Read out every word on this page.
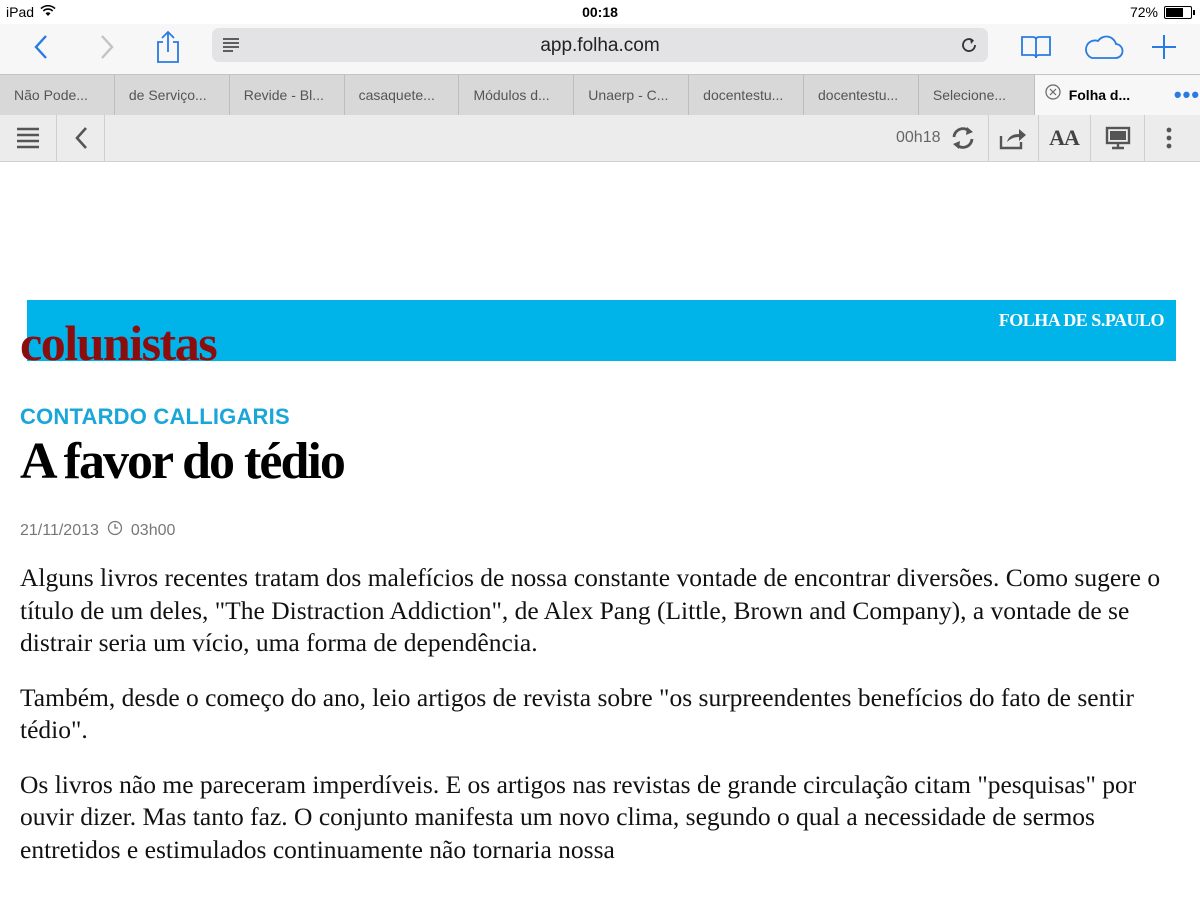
iPad	00:18	72%
app.folha.com
Não Pode...	de Serviço...	Revide - Bl...	casaquete...	Módulos d...	Unaerp - C...	docentestu...	docentestu...	Selecione...	Folha d... •••
00h18	AA
FOLHA DE S.PAULO
colunistas
CONTARDO CALLIGARIS
A favor do tédio
21/11/2013 03h00

Alguns livros recentes tratam dos malefícios de nossa constante vontade de encontrar diversões. Como sugere o título de um deles, "The Distraction Addiction", de Alex Pang (Little, Brown and Company), a vontade de se distrair seria um vício, uma forma de dependência.

Também, desde o começo do ano, leio artigos de revista sobre "os surpreendentes benefícios do fato de sentir tédio".

Os livros não me pareceram imperdíveis. E os artigos nas revistas de grande circulação citam "pesquisas" por ouvir dizer. Mas tanto faz. O conjunto manifesta um novo clima, segundo o qual a necessidade de sermos entretidos e estimulados continuamente não tornaria nossa
